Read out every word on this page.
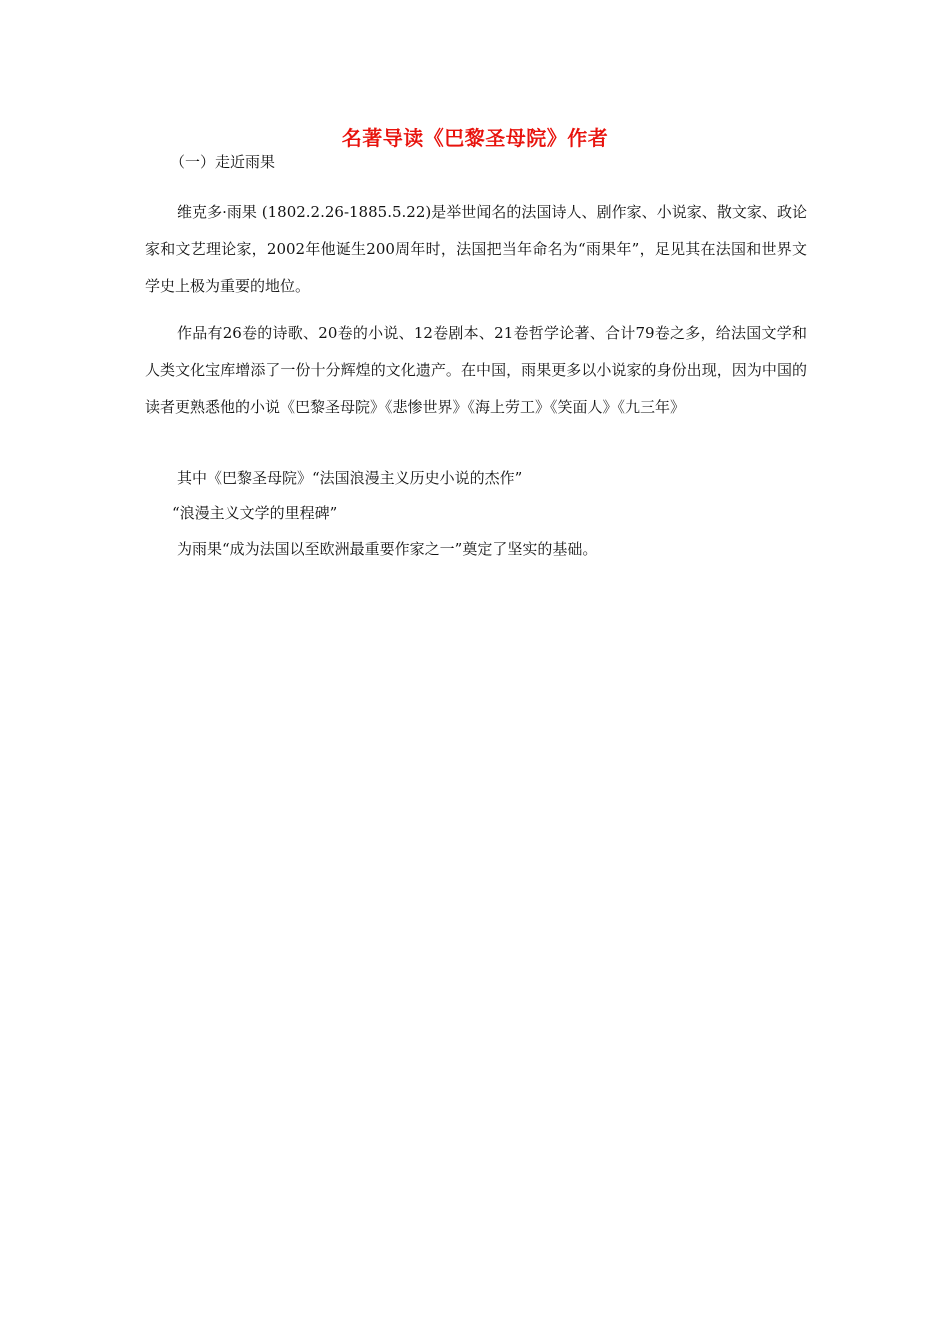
名著导读《巴黎圣母院》作者
（一）走近雨果

维克多·雨果 (1802.2.26-1885.5.22)是举世闻名的法国诗人、剧作家、小说家、散文家、政论家和文艺理论家，2002年他诞生200周年时，法国把当年命名为“雨果年”，足见其在法国和世界文学史上极为重要的地位。

作品有26卷的诗歌、20卷的小说、12卷剧本、21卷哲学论著、合计79卷之多，给法国文学和人类文化宝库增添了一份十分辉煌的文化遗产。在中国，雨果更多以小说家的身份出现，因为中国的读者更熟悉他的小说《巴黎圣母院》《悲惨世界》《海上劳工》《笑面人》《九三年》

其中《巴黎圣母院》“法国浪漫主义历史小说的杰作”
“浪漫主义文学的里程碑”
为雨果“成为法国以至欧洲最重要作家之一”奠定了坚实的基础。
